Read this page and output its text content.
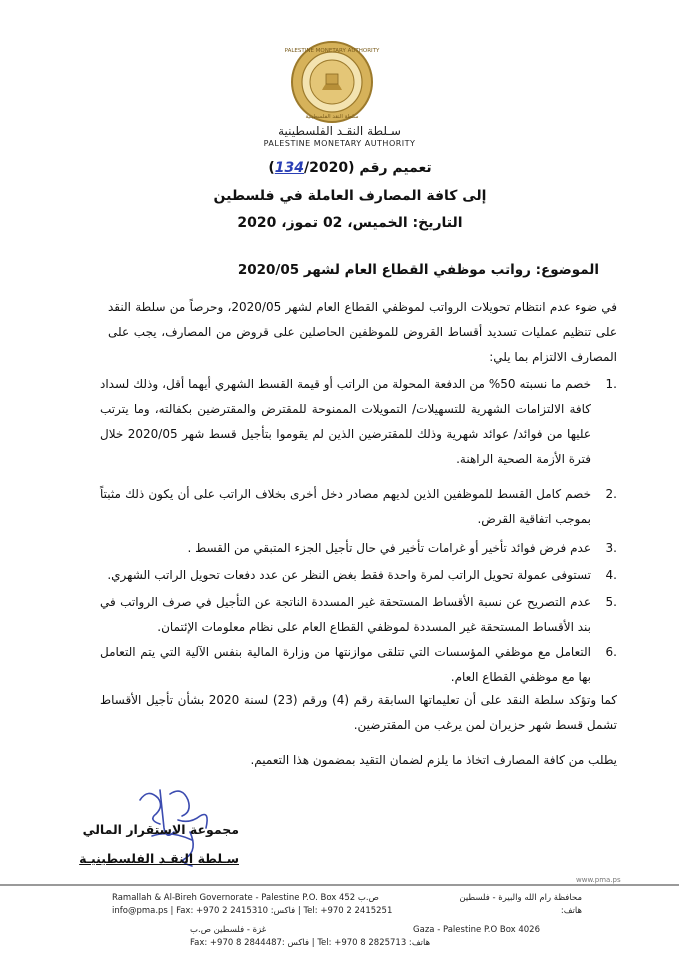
PALESTINE MONETARY AUTHORITY
سلطة النقد الفلسطينية
سـلطة النقـد الفلسطينية
PALESTINE MONETARY AUTHORITY
تعميم رقم (134/2020)
إلى كافة المصارف العاملة في فلسطين
التاريخ: الخميس، 02 تموز، 2020
الموضوع: رواتب موظفي القطاع العام لشهر 2020/05
في ضوء عدم انتظام تحويلات الرواتب لموظفي القطاع العام لشهر 2020/05، وحرصاً من سلطة النقد على تنظيم عمليات تسديد أقساط القروض للموظفين الحاصلين على قروض من المصارف، يجب على المصارف الالتزام بما يلي:
.1
خصم ما نسبته 50% من الدفعة المحولة من الراتب أو قيمة القسط الشهري أيهما أقل، وذلك لسداد كافة الالتزامات الشهرية للتسهيلات/ التمويلات الممنوحة للمقترض والمقترضين بكفالته، وما يترتب عليها من فوائد/ عوائد شهرية وذلك للمقترضين الذين لم يقوموا بتأجيل قسط شهر 2020/05 خلال فترة الأزمة الصحية الراهنة.
.2
خصم كامل القسط للموظفين الذين لديهم مصادر دخل أخرى بخلاف الراتب على أن يكون ذلك مثبتاً بموجب اتفاقية القرض.
.3
عدم فرض فوائد تأخير أو غرامات تأخير في حال تأجيل الجزء المتبقي من القسط .
.4
تستوفى عمولة تحويل الراتب لمرة واحدة فقط بغض النظر عن عدد دفعات تحويل الراتب الشهري.
.5
عدم التصريح عن نسبة الأقساط المستحقة غير المسددة الناتجة عن التأجيل في صرف الرواتب في بند الأقساط المستحقة غير المسددة لموظفي القطاع العام على نظام معلومات الإئتمان.
.6
التعامل مع موظفي المؤسسات التي تتلقى موازنتها من وزارة المالية بنفس الآلية التي يتم التعامل بها مع موظفي القطاع العام.
كما وتؤكد سلطة النقد على أن تعليماتها السابقة رقم (4) ورقم (23) لسنة 2020 بشأن تأجيل الأقساط تشمل قسط شهر حزيران لمن يرغب من المقترضين.
يطلب من كافة المصارف اتخاذ ما يلزم لضمان التقيد بمضمون هذا التعميم.
مجموعة الاستقرار المالي
سـلطة النقـد الفلسطينيـة
www.pma.ps
Ramallah & Al-Bireh Governorate - Palestine P.O. Box 452 ص.ب	محافظة رام الله والبيرة - فلسطين
info@pma.ps | Fax: +970 2 2415310 :فاكس | Tel: +970 2 2415251	هاتف:
غزة - فلسطين ص.ب	Gaza - Palestine P.O Box 4026
Fax: +970 8 2844487: فاكس | Tel: +970 8 2825713 :هاتف
